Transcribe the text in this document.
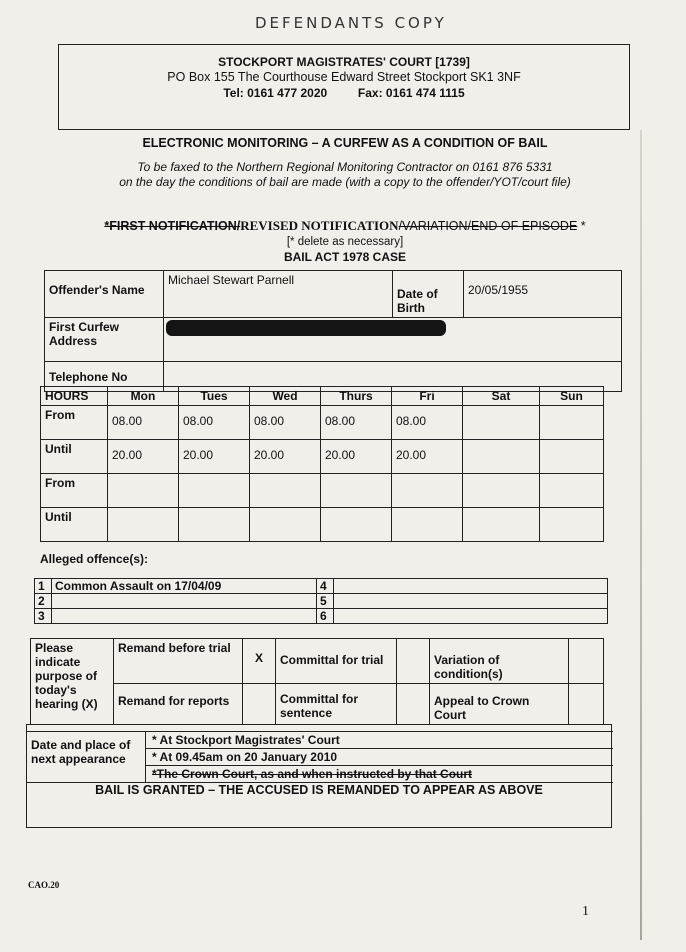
DEFENDANTS COPY
STOCKPORT MAGISTRATES' COURT [1739]
PO Box 155 The Courthouse Edward Street Stockport SK1 3NF
Tel: 0161 477 2020	Fax: 0161 474 1115
ELECTRONIC MONITORING – A CURFEW AS A CONDITION OF BAIL
To be faxed to the Northern Regional Monitoring Contractor on 0161 876 5331
on the day the conditions of bail are made (with a copy to the offender/YOT/court file)
*FIRST NOTIFICATION/REVISED NOTIFICATION/VARIATION/END OF EPISODE *
[* delete as necessary]
BAIL ACT 1978 CASE
Offender's Name	Michael Stewart Parnell	Date of Birth	20/05/1955
First Curfew Address			

Telephone No			
HOURS	Mon	Tues	Wed	Thurs	Fri	Sat	Sun
From	08.00	08.00	08.00	08.00	08.00		
Until	20.00	20.00	20.00	20.00	20.00		
From							
Until							
Alleged offence(s):
1	Common Assault on 17/04/09	4	
2		5	
3		6	
Please indicate purpose of today's hearing (X)	Remand before trial	X	Committal for trial		Variation of condition(s)	
	Remand for reports		Committal for sentence		Appeal to Crown Court	
Date and place of next appearance	
* At Stockport Magistrates' Court
* At 09.45am on 20 January 2010
*The Crown Court, as and when instructed by that Court
BAIL IS GRANTED – THE ACCUSED IS REMANDED TO APPEAR AS ABOVE
CAO.20
1
